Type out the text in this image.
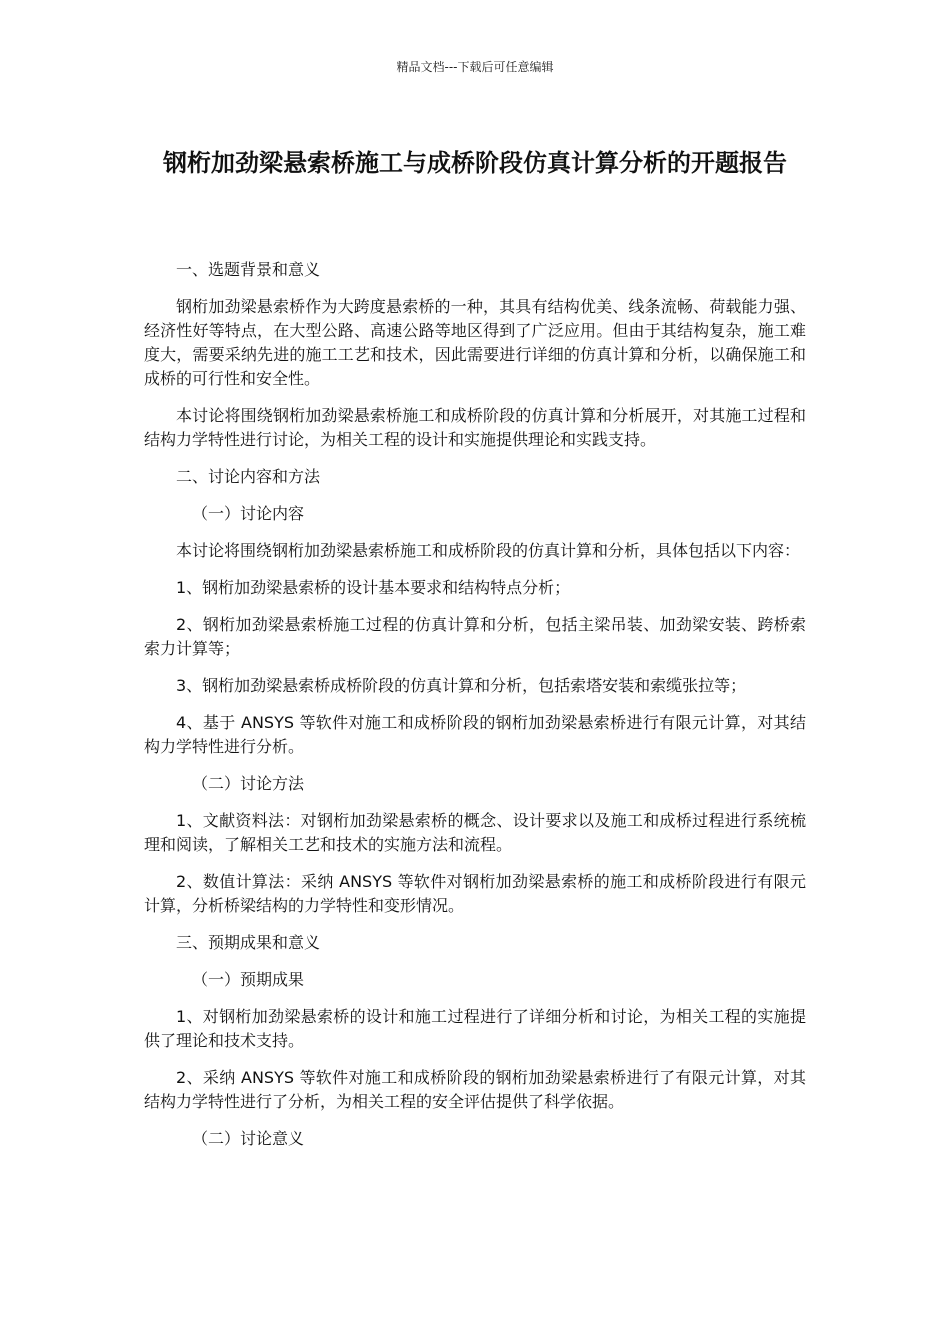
精品文档---下载后可任意编辑
钢桁加劲梁悬索桥施工与成桥阶段仿真计算分析的开题报告
一、选题背景和意义

钢桁加劲梁悬索桥作为大跨度悬索桥的一种，其具有结构优美、线条流畅、荷载能力强、经济性好等特点，在大型公路、高速公路等地区得到了广泛应用。但由于其结构复杂，施工难度大，需要采纳先进的施工工艺和技术，因此需要进行详细的仿真计算和分析，以确保施工和成桥的可行性和安全性。

本讨论将围绕钢桁加劲梁悬索桥施工和成桥阶段的仿真计算和分析展开，对其施工过程和结构力学特性进行讨论，为相关工程的设计和实施提供理论和实践支持。

二、讨论内容和方法
（一）讨论内容

本讨论将围绕钢桁加劲梁悬索桥施工和成桥阶段的仿真计算和分析，具体包括以下内容：

1、钢桁加劲梁悬索桥的设计基本要求和结构特点分析；

2、钢桁加劲梁悬索桥施工过程的仿真计算和分析，包括主梁吊装、加劲梁安装、跨桥索索力计算等；

3、钢桁加劲梁悬索桥成桥阶段的仿真计算和分析，包括索塔安装和索缆张拉等；

4、基于 ANSYS 等软件对施工和成桥阶段的钢桁加劲梁悬索桥进行有限元计算，对其结构力学特性进行分析。

（二）讨论方法

1、文献资料法：对钢桁加劲梁悬索桥的概念、设计要求以及施工和成桥过程进行系统梳理和阅读，了解相关工艺和技术的实施方法和流程。

2、数值计算法：采纳 ANSYS 等软件对钢桁加劲梁悬索桥的施工和成桥阶段进行有限元计算，分析桥梁结构的力学特性和变形情况。

三、预期成果和意义
（一）预期成果

1、对钢桁加劲梁悬索桥的设计和施工过程进行了详细分析和讨论，为相关工程的实施提供了理论和技术支持。

2、采纳 ANSYS 等软件对施工和成桥阶段的钢桁加劲梁悬索桥进行了有限元计算，对其结构力学特性进行了分析，为相关工程的安全评估提供了科学依据。

（二）讨论意义
